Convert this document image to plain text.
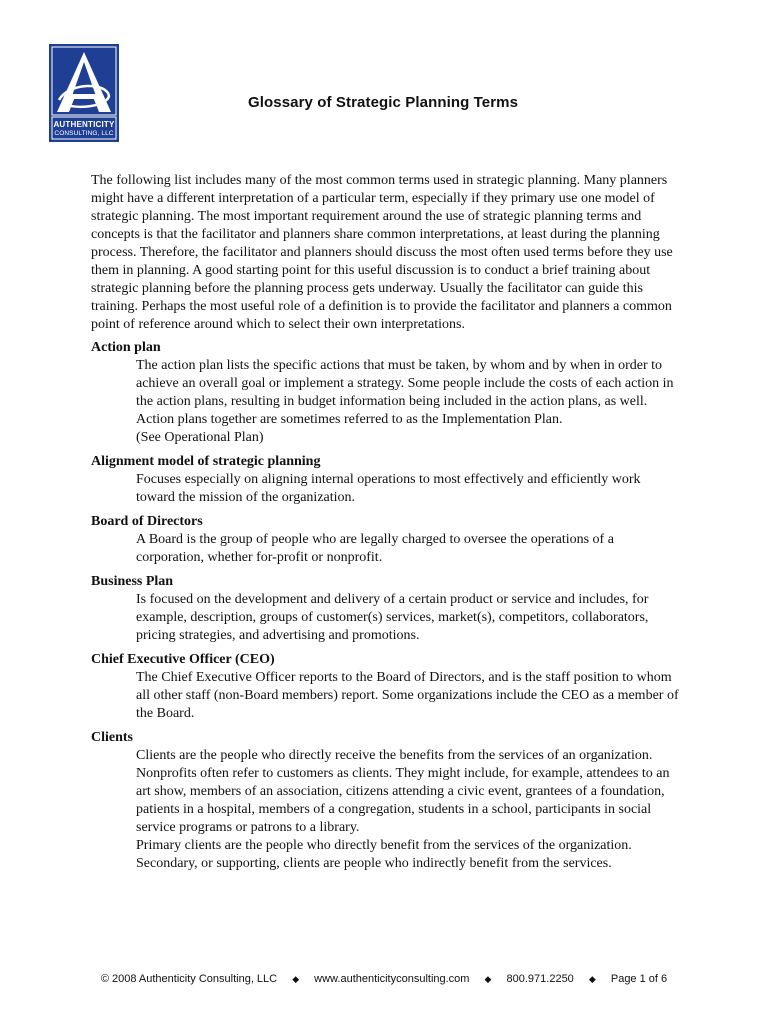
AUTHENTICITY
CONSULTING, LLC
Glossary of Strategic Planning Terms

The following list includes many of the most common terms used in strategic planning. Many planners might have a different interpretation of a particular term, especially if they primary use one model of strategic planning. The most important requirement around the use of strategic planning terms and concepts is that the facilitator and planners share common interpretations, at least during the planning process. Therefore, the facilitator and planners should discuss the most often used terms before they use them in planning. A good starting point for this useful discussion is to conduct a brief training about strategic planning before the planning process gets underway. Usually the facilitator can guide this training. Perhaps the most useful role of a definition is to provide the facilitator and planners a common point of reference around which to select their own interpretations.

Action plan
The action plan lists the specific actions that must be taken, by whom and by when in order to achieve an overall goal or implement a strategy. Some people include the costs of each action in the action plans, resulting in budget information being included in the action plans, as well. Action plans together are sometimes referred to as the Implementation Plan.
(See Operational Plan)
Alignment model of strategic planning
Focuses especially on aligning internal operations to most effectively and efficiently work toward the mission of the organization.
Board of Directors
A Board is the group of people who are legally charged to oversee the operations of a corporation, whether for-profit or nonprofit.
Business Plan
Is focused on the development and delivery of a certain product or service and includes, for example, description, groups of customer(s) services, market(s), competitors, collaborators, pricing strategies, and advertising and promotions.
Chief Executive Officer (CEO)
The Chief Executive Officer reports to the Board of Directors, and is the staff position to whom all other staff (non-Board members) report. Some organizations include the CEO as a member of the Board.
Clients
Clients are the people who directly receive the benefits from the services of an organization. Nonprofits often refer to customers as clients. They might include, for example, attendees to an art show, members of an association, citizens attending a civic event, grantees of a foundation, patients in a hospital, members of a congregation, students in a school, participants in social service programs or patrons to a library.
Primary clients are the people who directly benefit from the services of the organization. Secondary, or supporting, clients are people who indirectly benefit from the services.
© 2008 Authenticity Consulting, LLC ◆ www.authenticityconsulting.com ◆ 800.971.2250 ◆ Page 1 of 6
